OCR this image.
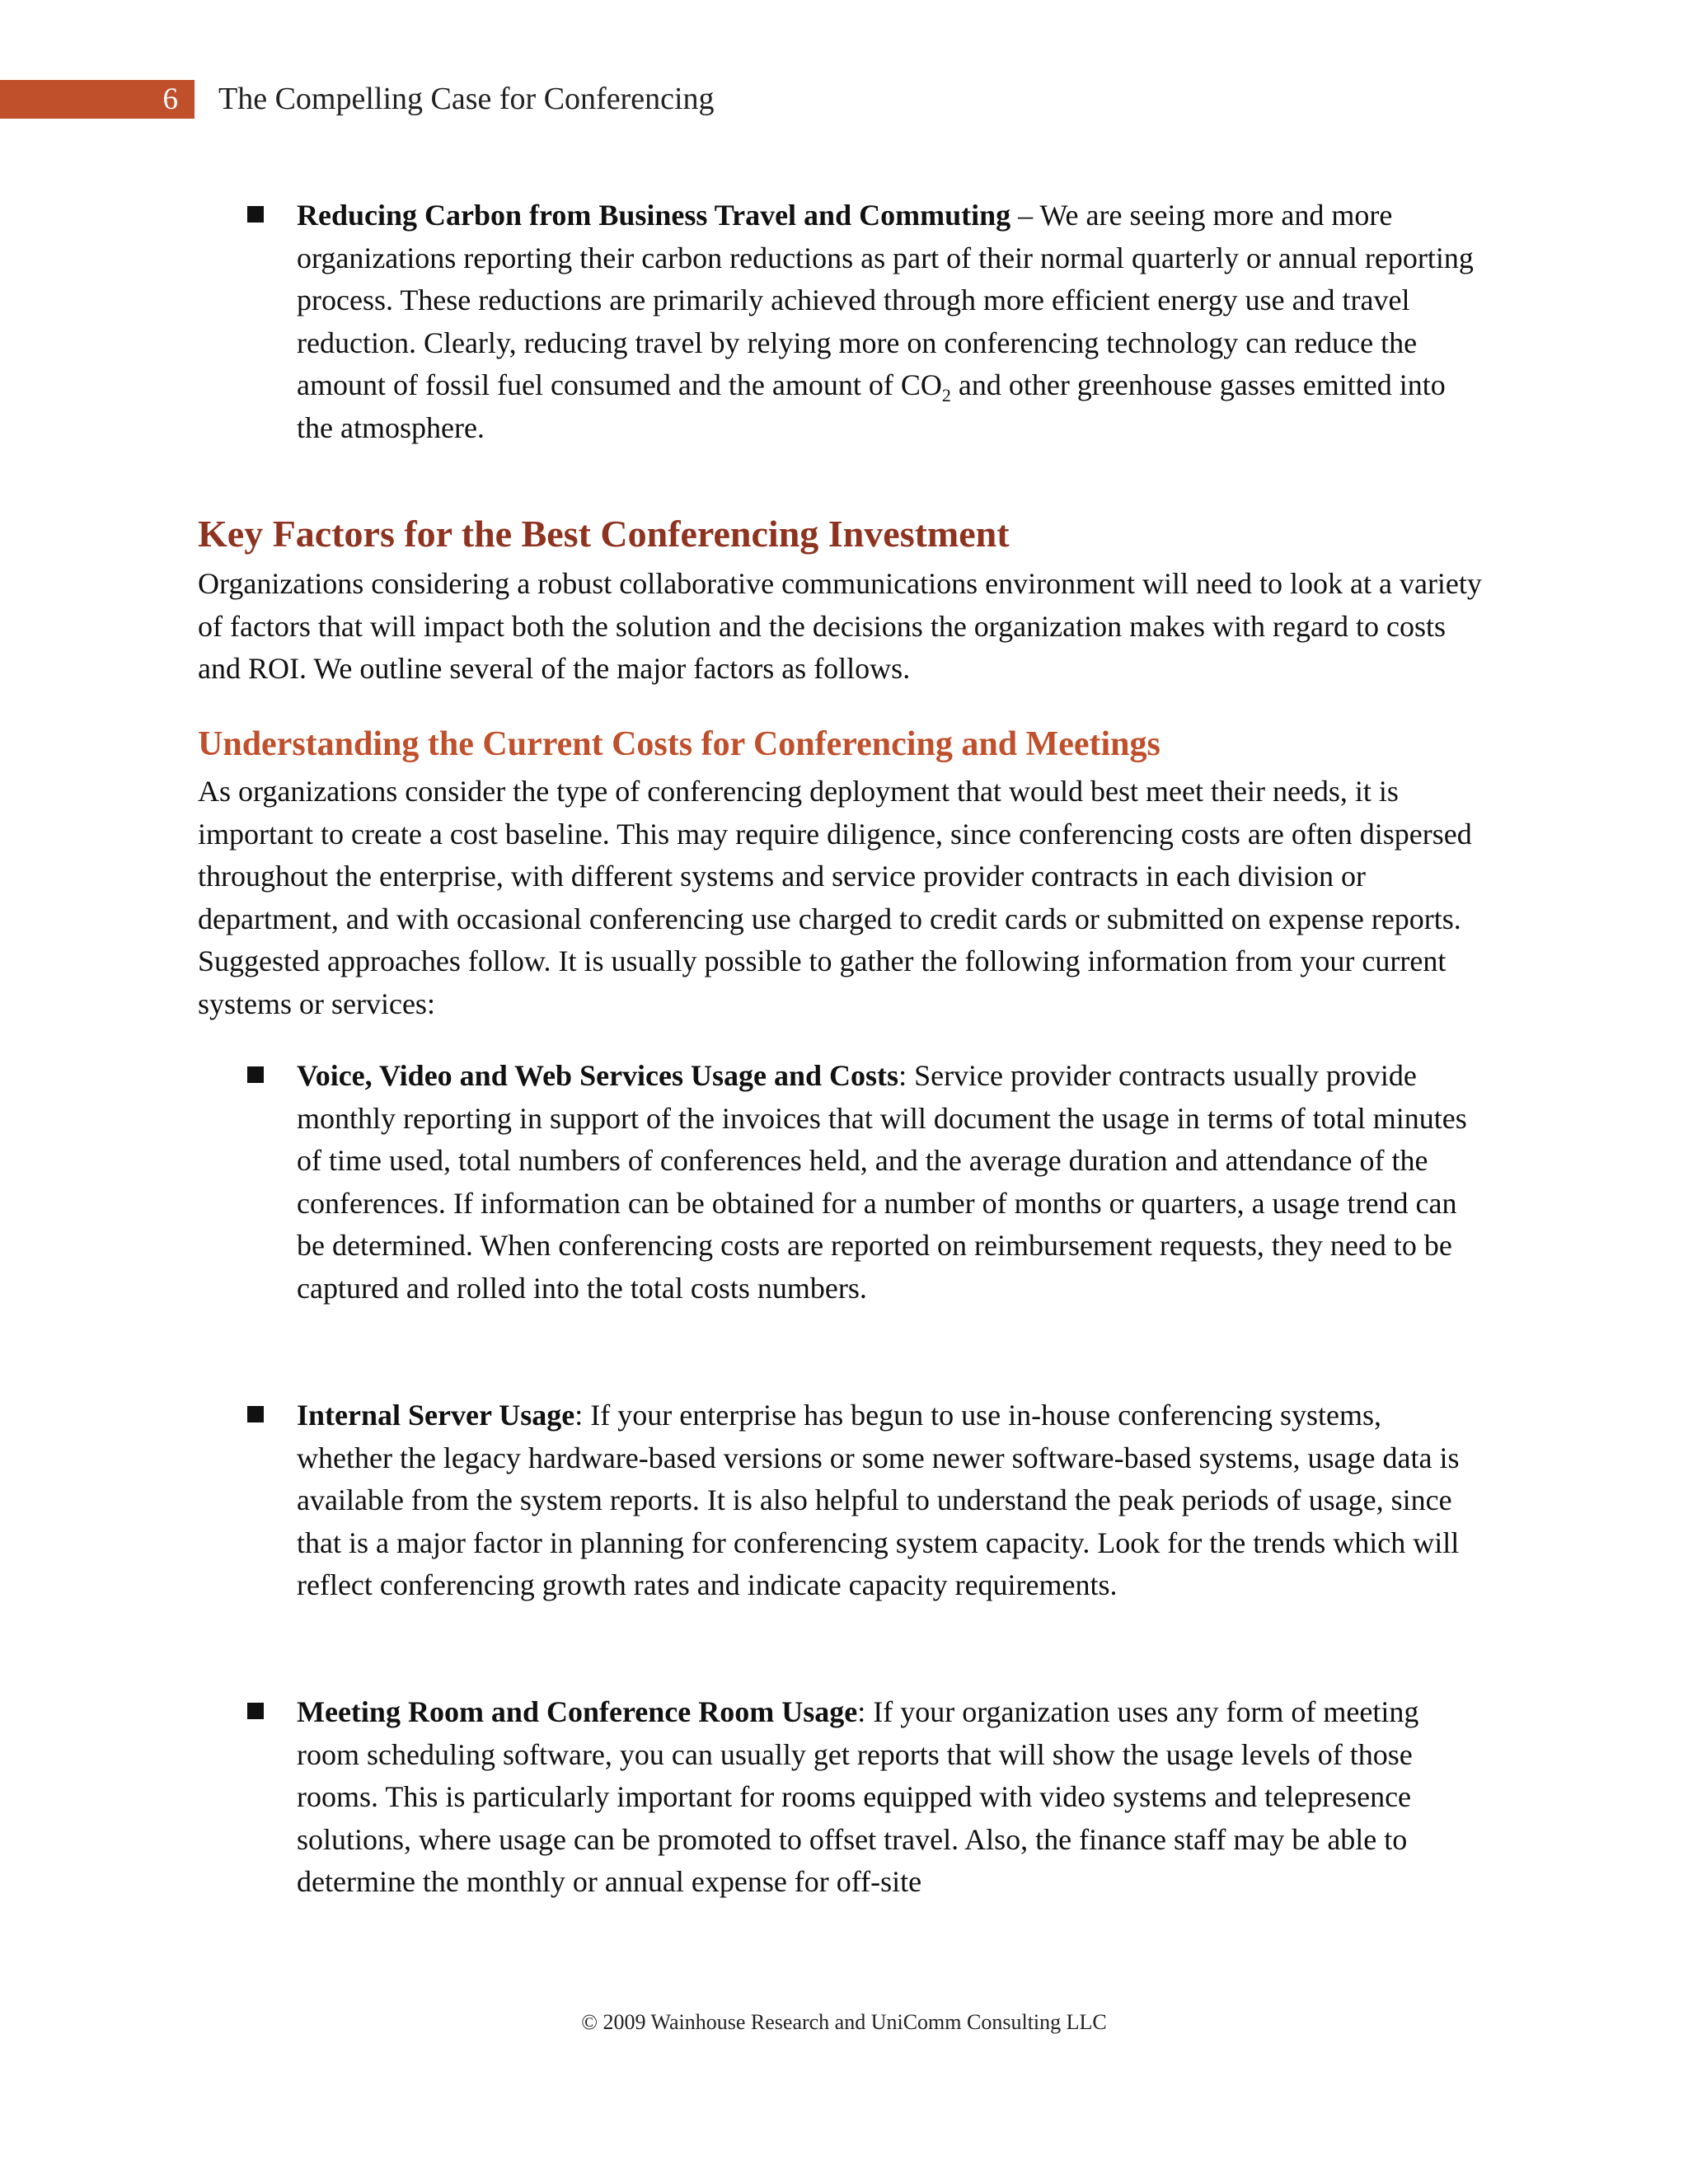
6 The Compelling Case for Conferencing
Reducing Carbon from Business Travel and Commuting – We are seeing more and more organizations reporting their carbon reductions as part of their normal quarterly or annual reporting process. These reductions are primarily achieved through more efficient energy use and travel reduction. Clearly, reducing travel by relying more on conferencing technology can reduce the amount of fossil fuel consumed and the amount of $CO_2$ and other greenhouse gasses emitted into the atmosphere.
Key Factors for the Best Conferencing Investment
Organizations considering a robust collaborative communications environment will need to look at a variety of factors that will impact both the solution and the decisions the organization makes with regard to costs and ROI. We outline several of the major factors as follows.
Understanding the Current Costs for Conferencing and Meetings
As organizations consider the type of conferencing deployment that would best meet their needs, it is important to create a cost baseline. This may require diligence, since conferencing costs are often dispersed throughout the enterprise, with different systems and service provider contracts in each division or department, and with occasional conferencing use charged to credit cards or submitted on expense reports. Suggested approaches follow. It is usually possible to gather the following information from your current systems or services:
Voice, Video and Web Services Usage and Costs: Service provider contracts usually provide monthly reporting in support of the invoices that will document the usage in terms of total minutes of time used, total numbers of conferences held, and the average duration and attendance of the conferences. If information can be obtained for a number of months or quarters, a usage trend can be determined. When conferencing costs are reported on reimbursement requests, they need to be captured and rolled into the total costs numbers.
Internal Server Usage: If your enterprise has begun to use in-house conferencing systems, whether the legacy hardware-based versions or some newer software-based systems, usage data is available from the system reports. It is also helpful to understand the peak periods of usage, since that is a major factor in planning for conferencing system capacity. Look for the trends which will reflect conferencing growth rates and indicate capacity requirements.
Meeting Room and Conference Room Usage: If your organization uses any form of meeting room scheduling software, you can usually get reports that will show the usage levels of those rooms. This is particularly important for rooms equipped with video systems and telepresence solutions, where usage can be promoted to offset travel. Also, the finance staff may be able to determine the monthly or annual expense for off-site
© 2009 Wainhouse Research and UniComm Consulting LLC
